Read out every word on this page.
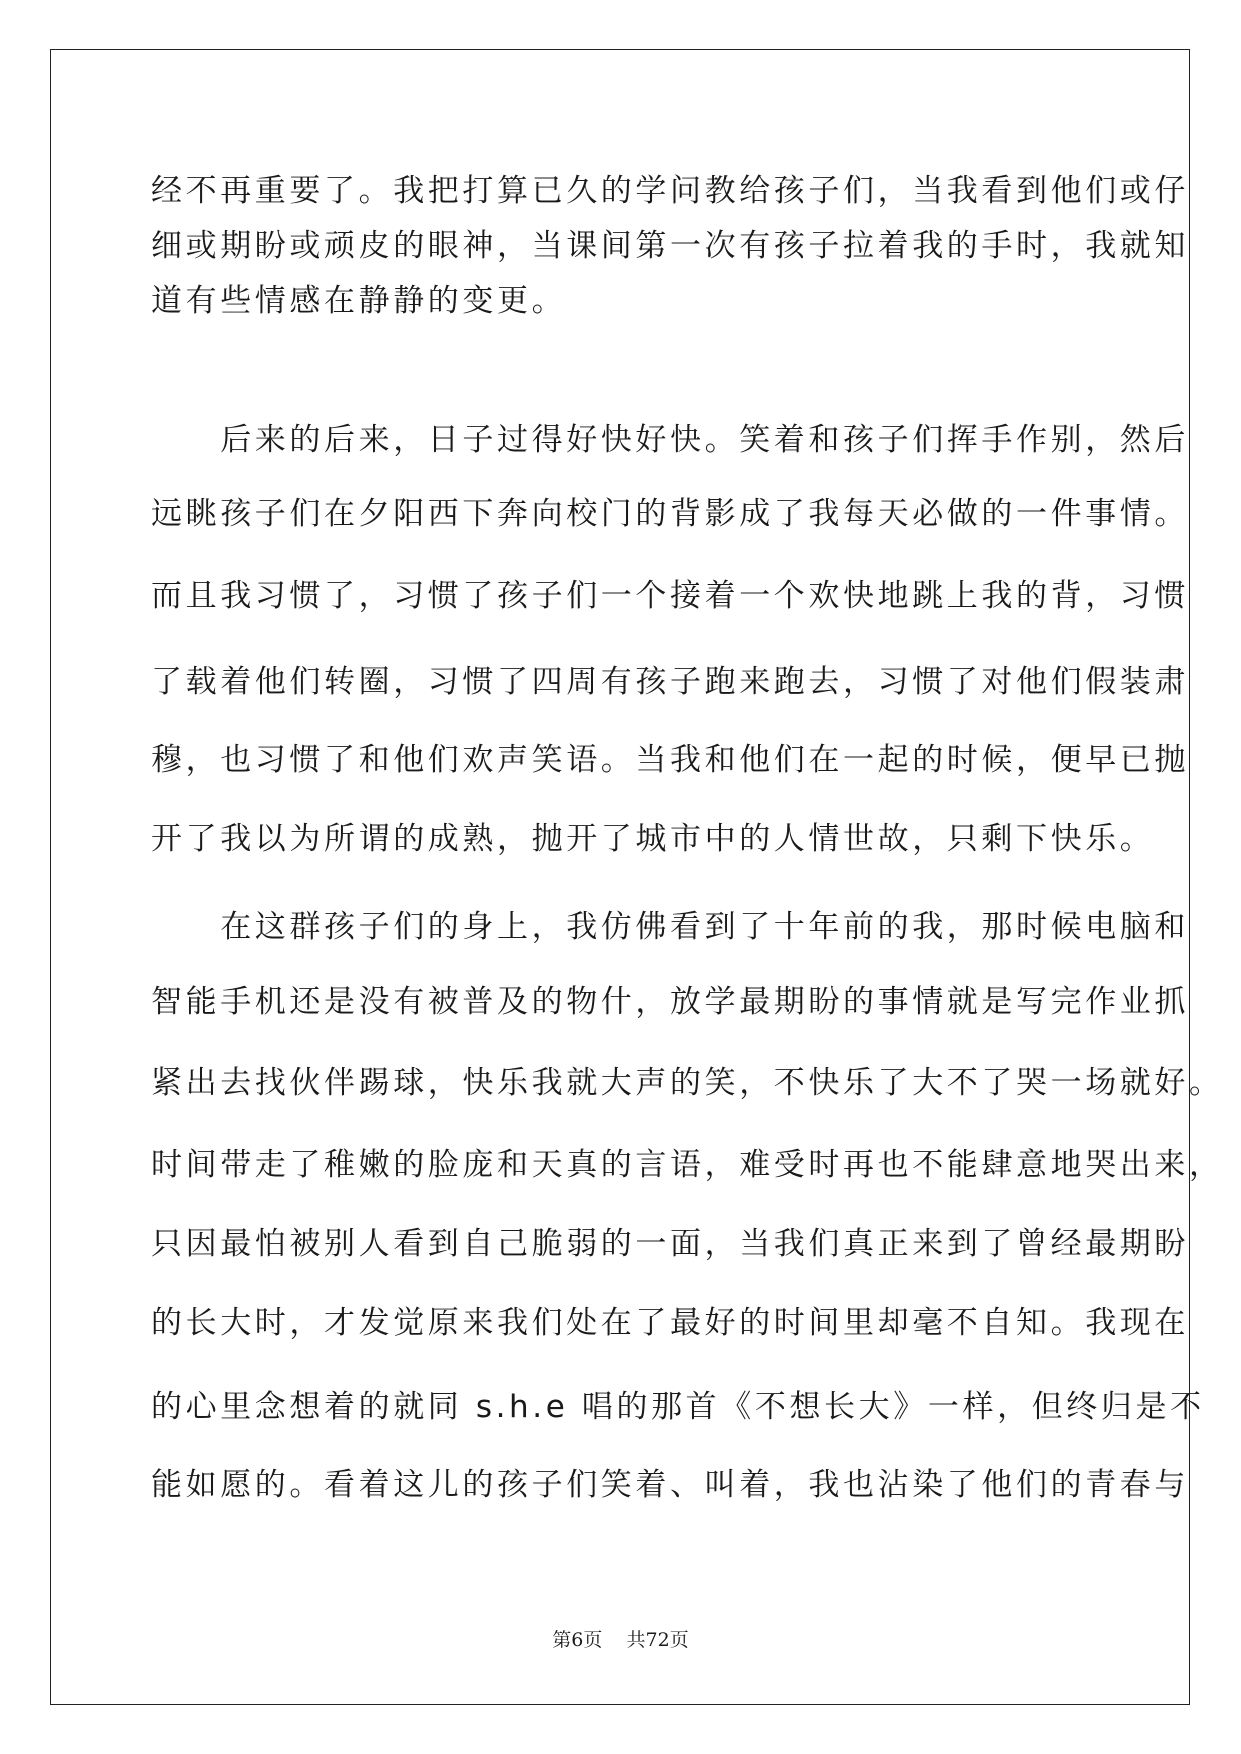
经不再重要了。我把打算已久的学问教给孩子们，当我看到他们或仔
细或期盼或顽皮的眼神，当课间第一次有孩子拉着我的手时，我就知
道有些情感在静静的变更。
　　后来的后来，日子过得好快好快。笑着和孩子们挥手作别，然后
远眺孩子们在夕阳西下奔向校门的背影成了我每天必做的一件事情。
而且我习惯了，习惯了孩子们一个接着一个欢快地跳上我的背，习惯
了载着他们转圈，习惯了四周有孩子跑来跑去，习惯了对他们假装肃
穆，也习惯了和他们欢声笑语。当我和他们在一起的时候，便早已抛
开了我以为所谓的成熟，抛开了城市中的人情世故，只剩下快乐。
　　在这群孩子们的身上，我仿佛看到了十年前的我，那时候电脑和
智能手机还是没有被普及的物什，放学最期盼的事情就是写完作业抓
紧出去找伙伴踢球，快乐我就大声的笑，不快乐了大不了哭一场就好。
时间带走了稚嫩的脸庞和天真的言语，难受时再也不能肆意地哭出来，
只因最怕被别人看到自己脆弱的一面，当我们真正来到了曾经最期盼
的长大时，才发觉原来我们处在了最好的时间里却毫不自知。我现在
的心里念想着的就同 s.h.e 唱的那首《不想长大》一样，但终归是不
能如愿的。看着这儿的孩子们笑着、叫着，我也沾染了他们的青春与
第6页 共72页
